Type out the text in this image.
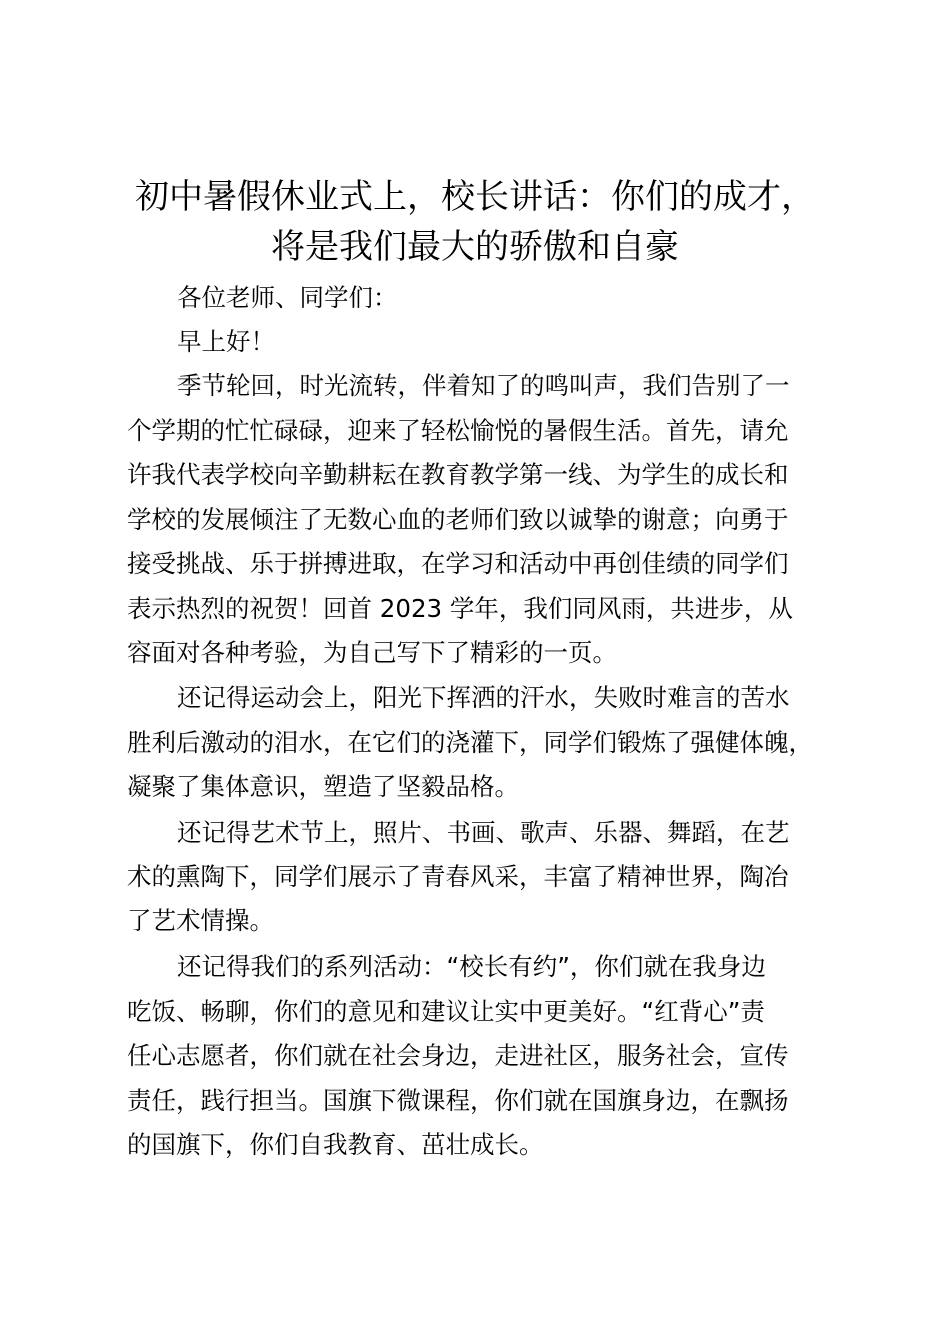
初中暑假休业式上，校长讲话：你们的成才，
将是我们最大的骄傲和自豪

各位老师、同学们：

早上好！

季节轮回，时光流转，伴着知了的鸣叫声，我们告别了一

个学期的忙忙碌碌，迎来了轻松愉悦的暑假生活。首先，请允

许我代表学校向辛勤耕耘在教育教学第一线、为学生的成长和

学校的发展倾注了无数心血的老师们致以诚挚的谢意；向勇于

接受挑战、乐于拼搏进取，在学习和活动中再创佳绩的同学们

表示热烈的祝贺！回首 2023 学年，我们同风雨，共进步，从

容面对各种考验，为自己写下了精彩的一页。

还记得运动会上，阳光下挥洒的汗水，失败时难言的苦水

胜利后激动的泪水，在它们的浇灌下，同学们锻炼了强健体魄，

凝聚了集体意识，塑造了坚毅品格。

还记得艺术节上，照片、书画、歌声、乐器、舞蹈，在艺

术的熏陶下，同学们展示了青春风采，丰富了精神世界，陶冶

了艺术情操。

还记得我们的系列活动：“校长有约”，你们就在我身边

吃饭、畅聊，你们的意见和建议让实中更美好。“红背心”责

任心志愿者，你们就在社会身边，走进社区，服务社会，宣传

责任，践行担当。国旗下微课程，你们就在国旗身边，在飘扬

的国旗下，你们自我教育、茁壮成长。
